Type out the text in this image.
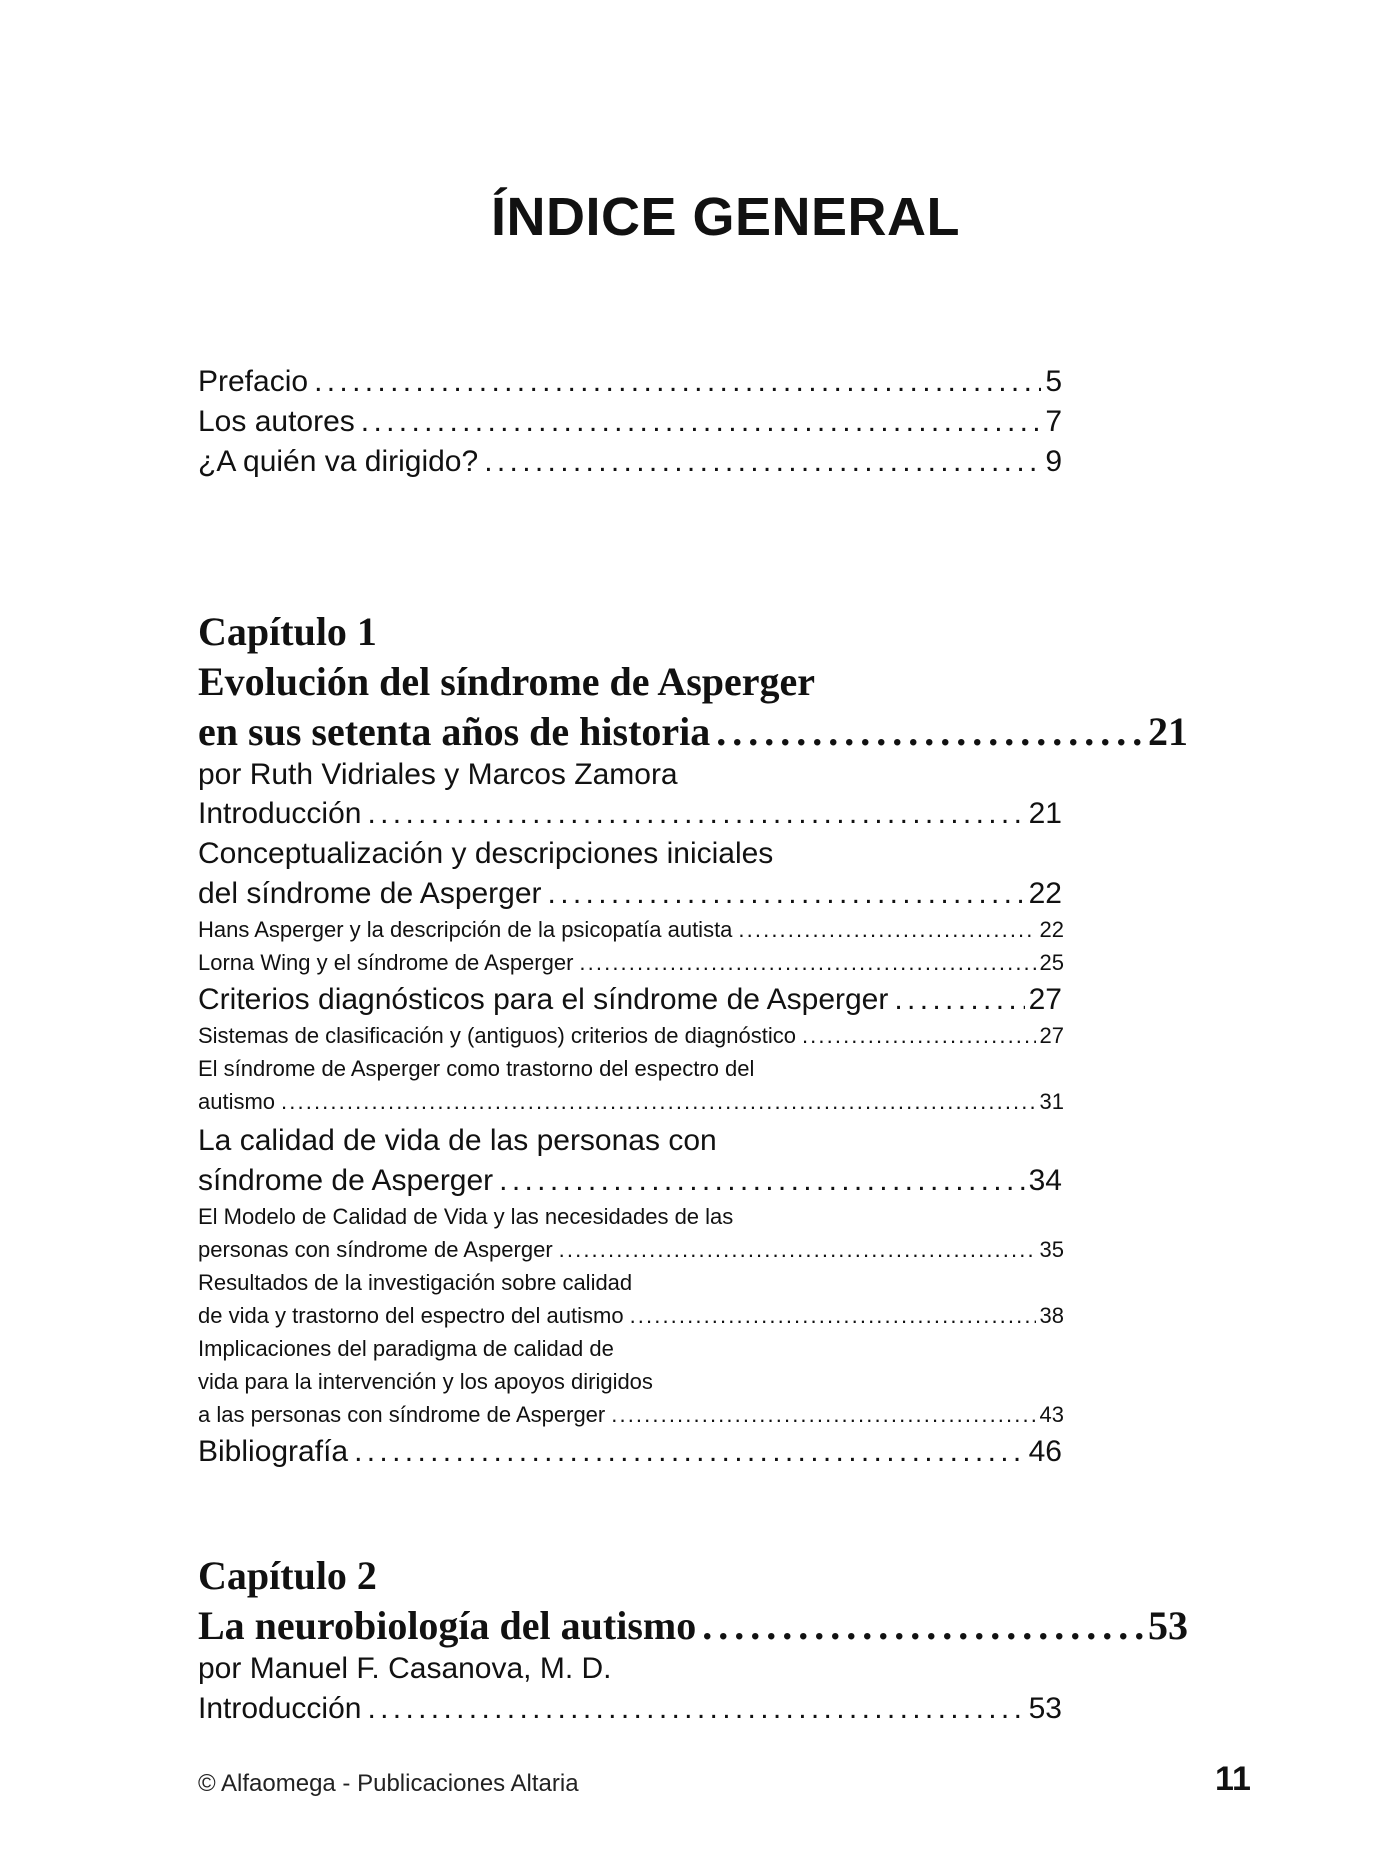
ÍNDICE GENERAL
Prefacio . . .	5
Los autores . . .	7
¿A quién va dirigido? . . .	9
Capítulo 1
Evolución del síndrome de Asperger
en sus setenta años de historia . . .	21
por Ruth Vidriales y Marcos Zamora
Introducción . . .	21
Conceptualización y descripciones iniciales
del síndrome de Asperger . . .	22
Hans Asperger y la descripción de la psicopatía autista . . .	22
Lorna Wing y el síndrome de Asperger . . .	25
Criterios diagnósticos para el síndrome de Asperger . . .	27
Sistemas de clasificación y (antiguos) criterios de diagnóstico . . .	27
El síndrome de Asperger como trastorno del espectro del
autismo . . .	31
La calidad de vida de las personas con
síndrome de Asperger . . .	34
El Modelo de Calidad de Vida y las necesidades de las
personas con síndrome de Asperger . . .	35
Resultados de la investigación sobre calidad
de vida y trastorno del espectro del autismo . . .	38
Implicaciones del paradigma de calidad de
vida para la intervención y los apoyos dirigidos
a las personas con síndrome de Asperger . . .	43
Bibliografía . . .	46
Capítulo 2
La neurobiología del autismo . . .	53
por Manuel F. Casanova, M. D.
Introducción . . .	53
© Alfaomega - Publicaciones Altaria	11
